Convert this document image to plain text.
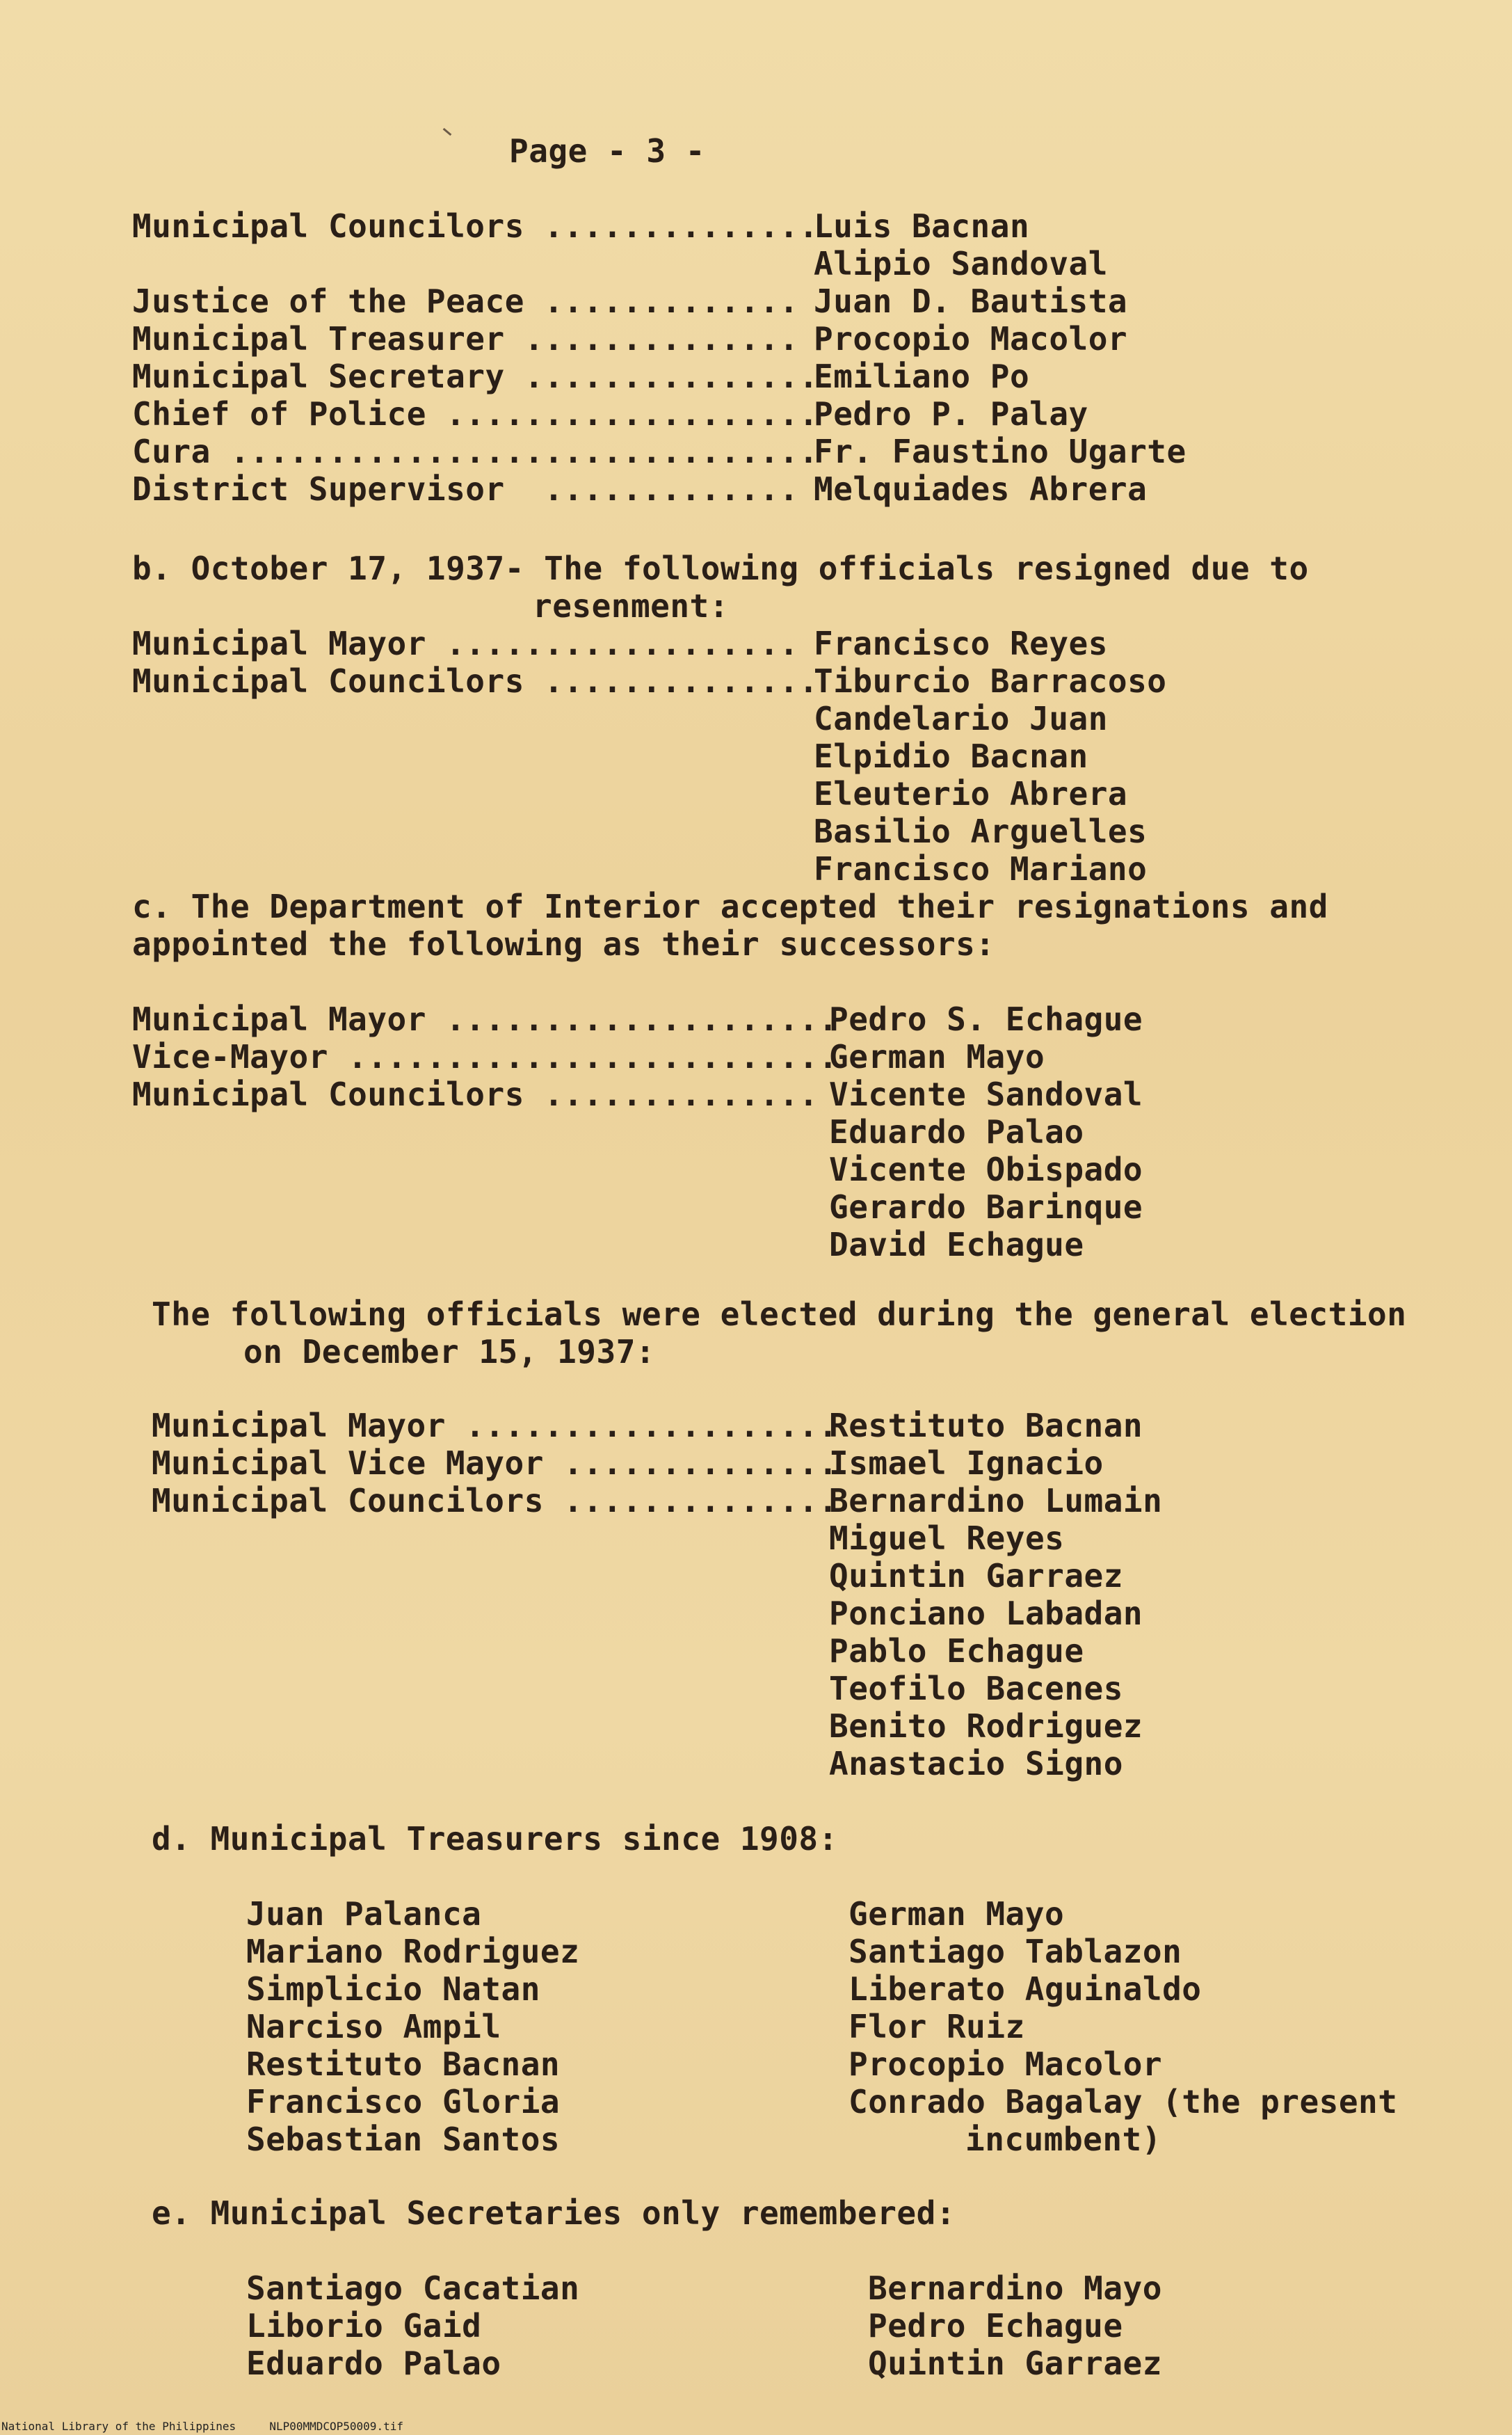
Page - 3 -
Municipal Councilors ..............
Luis Bacnan
Alipio Sandoval
Justice of the Peace ............. Juan D. Bautista
Municipal Treasurer .............. Procopio Macolor
Municipal Secretary ...............
Emiliano Po
Chief of Police ...................
Pedro P. Palay
Cura ..............................
Fr. Faustino Ugarte
District Supervisor  ............. Melquiades Abrera
b. October 17, 1937- The following officials resigned due to
resenment:
Municipal Mayor .................. Francisco Reyes
Municipal Councilors ..............
Tiburcio Barracoso
Candelario Juan
Elpidio Bacnan
Eleuterio Abrera
Basilio Arguelles
Francisco Mariano
c. The Department of Interior accepted their resignations and
appointed the following as their successors:
Municipal Mayor ....................
Pedro S. Echague
Vice-Mayor .........................
German Mayo
Municipal Councilors .............. Vicente Sandoval
Eduardo Palao
Vicente Obispado
Gerardo Barinque
David Echague
The following officials were elected during the general election
on December 15, 1937:
Municipal Mayor ...................
Restituto Bacnan
Municipal Vice Mayor ..............
Ismael Ignacio
Municipal Councilors ..............
Bernardino Lumain
Miguel Reyes
Quintin Garraez
Ponciano Labadan
Pablo Echague
Teofilo Bacenes
Benito Rodriguez
Anastacio Signo
d. Municipal Treasurers since 1908:
Juan Palanca
Mariano Rodriguez
Simplicio Natan
Narciso Ampil
Restituto Bacnan
Francisco Gloria
Sebastian Santos
German Mayo
Santiago Tablazon
Liberato Aguinaldo
Flor Ruiz
Procopio Macolor
Conrado Bagalay (the present
incumbent)
e. Municipal Secretaries only remembered:
Santiago Cacatian
Liborio Gaid
Eduardo Palao
Bernardino Mayo
Pedro Echague
Quintin Garraez
National Library of the Philippines     NLP00MMDCOP50009.tif
